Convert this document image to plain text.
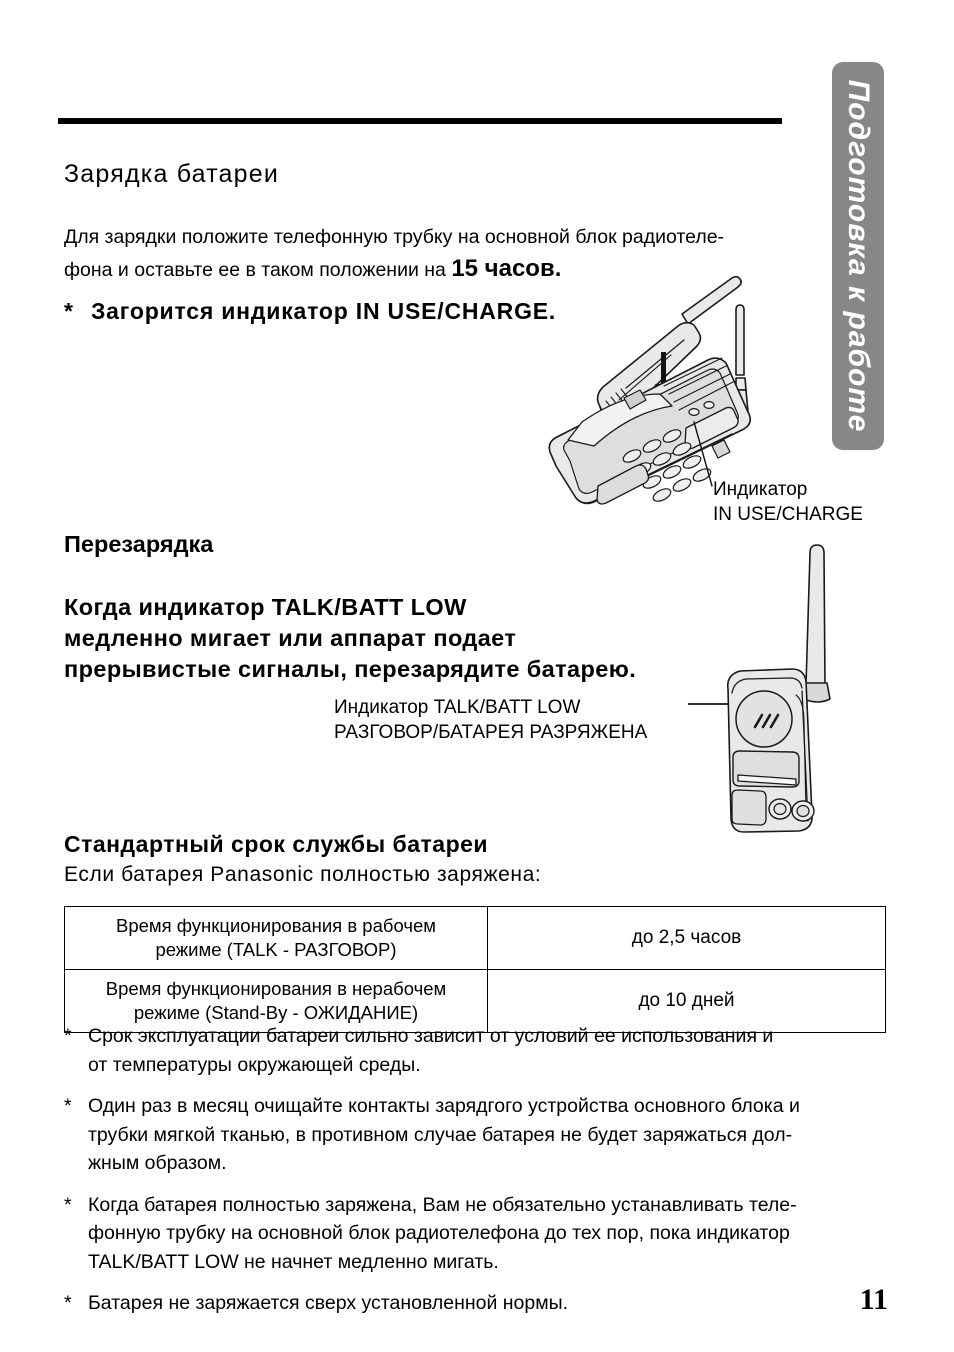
Подготовка к работе
Зарядка батареи
Для зарядки положите телефонную трубку на основной блок радиотеле-
фона и оставьте ее в таком положении на 15 часов.
* Загорится индикатор IN USE/CHARGE.
Индикатор
IN USE/CHARGE
Перезарядка
Когда индикатор TALK/BATT LOW
медленно мигает или аппарат подает
прерывистые сигналы, перезарядите батарею.
Индикатор TALK/BATT LOW
РАЗГОВОР/БАТАРЕЯ РАЗРЯЖЕНА
Стандартный срок службы батареи
Если батарея Panasonic полностью заряжена:
Время функционирования в рабочем
режиме (TALK - РАЗГОВОР)	до 2,5 часов

Время функционирования в нерабочем
режиме (Stand-By - ОЖИДАНИЕ)	до 10 дней
* Срок эксплуатации батареи сильно зависит от условий ее использования и
от температуры окружающей среды.
* Один раз в месяц очищайте контакты зарядгого устройства основного блока и
трубки мягкой тканью, в противном случае батарея не будет заряжаться дол-
жным образом.
* Когда батарея полностью заряжена, Вам не обязательно устанавливать теле-
фонную трубку на основной блок радиотелефона до тех пор, пока индикатор
TALK/BATT LOW не начнет медленно мигать.
* Батарея не заряжается сверх установленной нормы.	11
